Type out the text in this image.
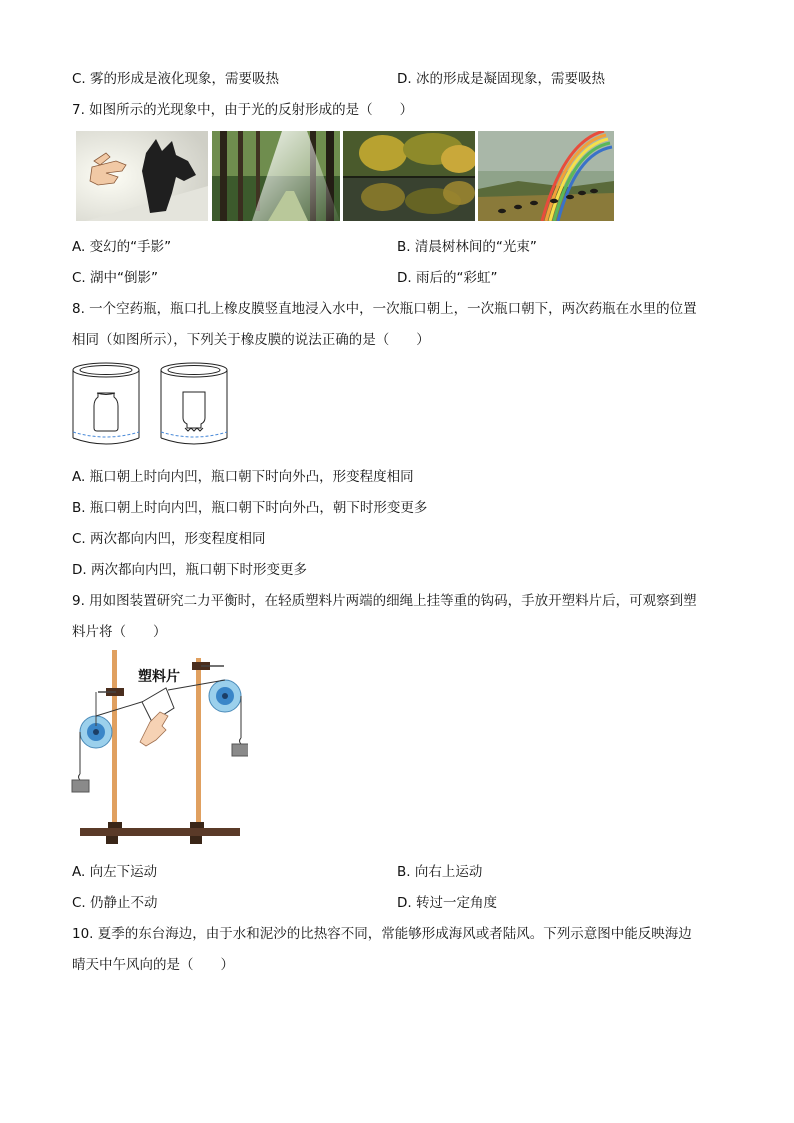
C. 雾的形成是液化现象，需要吸热	D. 冰的形成是凝固现象，需要吸热
7. 如图所示的光现象中，由于光的反射形成的是（　　）
A. 变幻的“手影”	B. 清晨树林间的“光束”
C. 湖中“倒影”	D. 雨后的“彩虹”
8. 一个空药瓶，瓶口扎上橡皮膜竖直地浸入水中，一次瓶口朝上，一次瓶口朝下，两次药瓶在水里的位置
相同（如图所示），下列关于橡皮膜的说法正确的是（　　）
A. 瓶口朝上时向内凹，瓶口朝下时向外凸，形变程度相同
B. 瓶口朝上时向内凹，瓶口朝下时向外凸，朝下时形变更多
C. 两次都向内凹，形变程度相同
D. 两次都向内凹，瓶口朝下时形变更多
9. 用如图装置研究二力平衡时，在轻质塑料片两端的细绳上挂等重的钩码，手放开塑料片后，可观察到塑
料片将（　　）
塑料片
A. 向左下运动	B. 向右上运动
C. 仍静止不动	D. 转过一定角度
10. 夏季的东台海边，由于水和泥沙的比热容不同，常能够形成海风或者陆风。下列示意图中能反映海边
晴天中午风向的是（　　）
